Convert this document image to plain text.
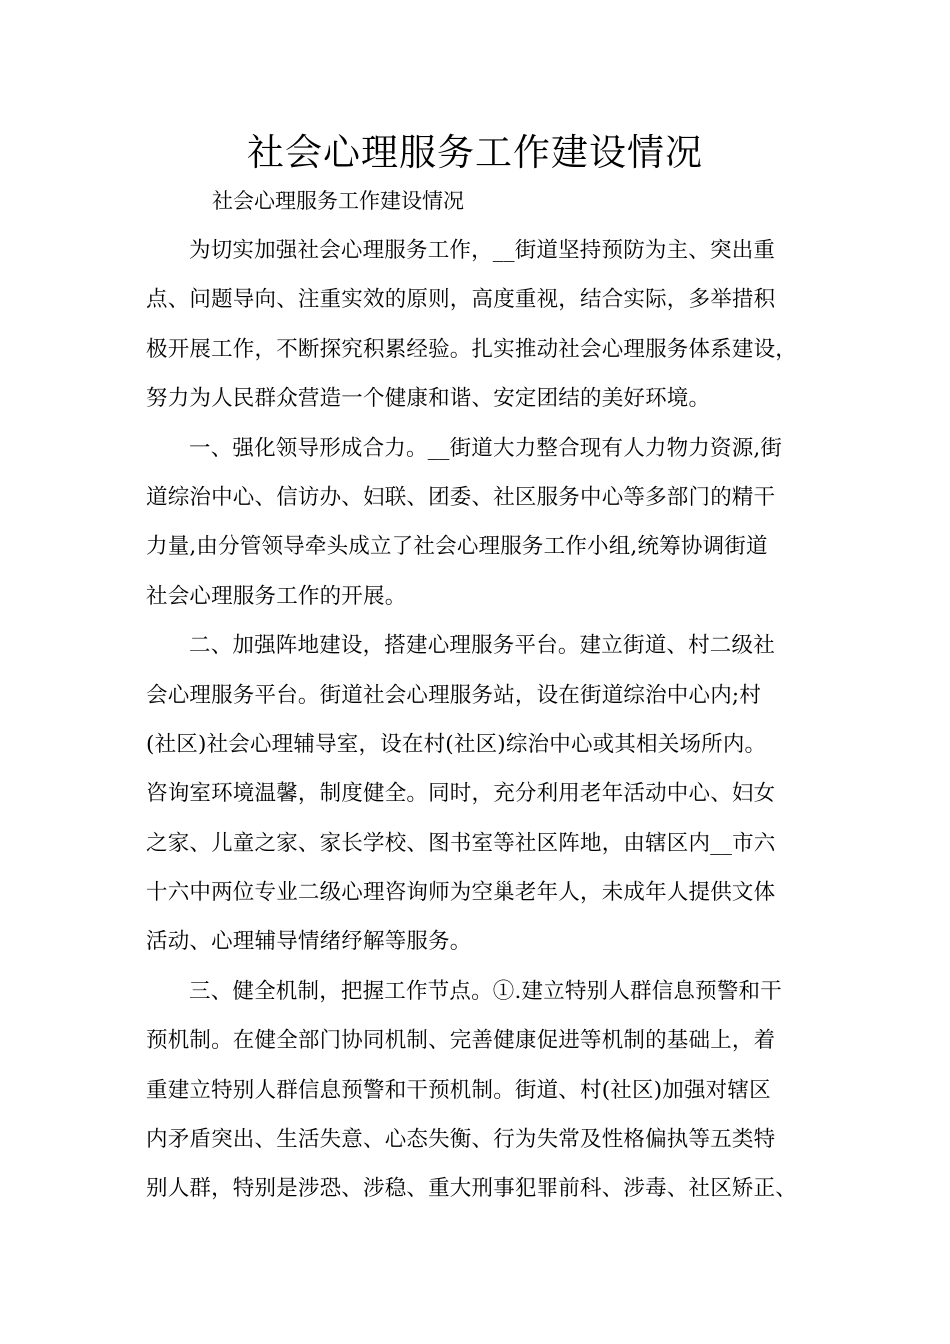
社会心理服务工作建设情况

社会心理服务工作建设情况

为切实加强社会心理服务工作，__街道坚持预防为主、突出重
点、问题导向、注重实效的原则，高度重视，结合实际，多举措积
极开展工作，不断探究积累经验。扎实推动社会心理服务体系建设，
努力为人民群众营造一个健康和谐、安定团结的美好环境。
一、强化领导形成合力。__街道大力整合现有人力物力资源,街
道综治中心、信访办、妇联、团委、社区服务中心等多部门的精干
力量,由分管领导牵头成立了社会心理服务工作小组,统筹协调街道
社会心理服务工作的开展。
二、加强阵地建设，搭建心理服务平台。建立街道、村二级社
会心理服务平台。街道社会心理服务站，设在街道综治中心内;村
(社区)社会心理辅导室，设在村(社区)综治中心或其相关场所内。
咨询室环境温馨，制度健全。同时，充分利用老年活动中心、妇女
之家、儿童之家、家长学校、图书室等社区阵地，由辖区内__市六
十六中两位专业二级心理咨询师为空巢老年人，未成年人提供文体
活动、心理辅导情绪纾解等服务。
三、健全机制，把握工作节点。①.建立特别人群信息预警和干
预机制。在健全部门协同机制、完善健康促进等机制的基础上，着
重建立特别人群信息预警和干预机制。街道、村(社区)加强对辖区
内矛盾突出、生活失意、心态失衡、行为失常及性格偏执等五类特
别人群，特别是涉恐、涉稳、重大刑事犯罪前科、涉毒、社区矫正、
